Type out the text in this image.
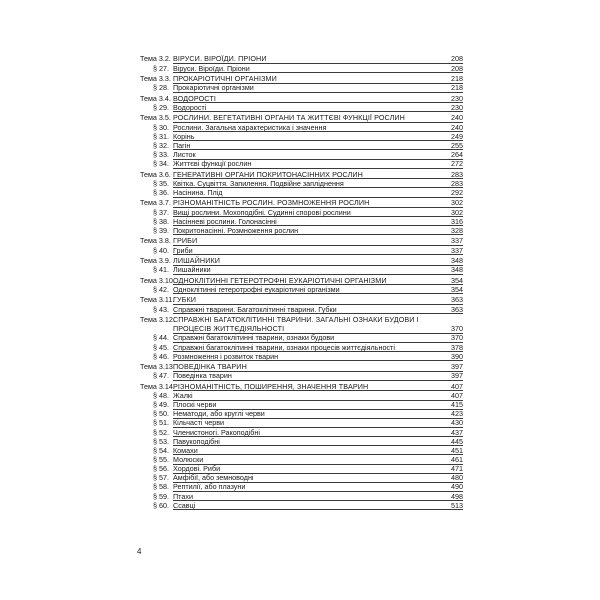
Тема 3.2. ВІРУСИ. ВІРОЇДИ. ПРІОНИ	208
§ 27. Віруси. Віроїди. Пріони	208
Тема 3.3. ПРОКАРІОТИЧНІ ОРГАНІЗМИ	218
§ 28. Прокаріотичні організми	218
Тема 3.4. ВОДОРОСТІ	230
§ 29. Водорості	230
Тема 3.5. РОСЛИНИ. ВЕГЕТАТИВНІ ОРГАНИ ТА ЖИТТЄВІ ФУНКЦІЇ РОСЛИН	240
§ 30. Рослини. Загальна характеристика і значення	240
§ 31. Корінь	249
§ 32. Пагін	255
§ 33. Листок	264
§ 34. Життєві функції рослин	272
Тема 3.6. ГЕНЕРАТИВНІ ОРГАНИ ПОКРИТОНАСІННИХ РОСЛИН	283
§ 35. Квітка. Суцвіття. Запилення. Подвійне запліднення	283
§ 36. Насінина. Плід	292
Тема 3.7. РІЗНОМАНІТНІСТЬ РОСЛИН. РОЗМНОЖЕННЯ РОСЛИН	302
§ 37. Вищі рослини. Мохоподібні. Судинні спорові рослини	302
§ 38. Насінневі рослини. Голонасінні	316
§ 39. Покритонасінні. Розмноження рослин	328
Тема 3.8. ГРИБИ	337
§ 40. Гриби	337
Тема 3.9. ЛИШАЙНИКИ	348
§ 41. Лишайники	348
Тема 3.10.
ОДНОКЛІТИННІ ГЕТЕРОТРОФНІ ЕУКАРІОТИЧНІ ОРГАНІЗМИ	354
§ 42. Одноклітинні гетеротрофні еукаріотичні організми	354
Тема 3.11.
ГУБКИ	363
§ 43. Справжні тварини. Багатоклітинні тварини. Губки	363
Тема 3.12.
СПРАВЖНІ БАГАТОКЛІТИННІ ТВАРИНИ. ЗАГАЛЬНІ ОЗНАКИ БУДОВИ І ПРОЦЕСІВ ЖИТТЄДІЯЛЬНОСТІ	370
§ 44. Справжні багатоклітинні тварини, ознаки будови	370
§ 45. Справжні багатоклітинні тварини, ознаки процесів життєдіяльності	378
§ 46. Розмноження і розвиток тварин	390
Тема 3.13.
ПОВЕДІНКА ТВАРИН	397
§ 47. Поведінка тварин	397
Тема 3.14.
РІЗНОМАНІТНІСТЬ, ПОШИРЕННЯ, ЗНАЧЕННЯ ТВАРИН	407
§ 48. Жалкі	407
§ 49. Плоскі черви	415
§ 50. Нематоди, або круглі черви	423
§ 51. Кільчасті черви	430
§ 52. Членистоногі. Ракоподібні	437
§ 53. Павукоподібні	445
§ 54. Комахи	451
§ 55. Молюски	461
§ 56. Хордові. Риби	471
§ 57. Амфібії, або земноводні	480
§ 58. Рептилії, або плазуни	490
§ 59. Птахи	498
§ 60. Ссавці	513
4
